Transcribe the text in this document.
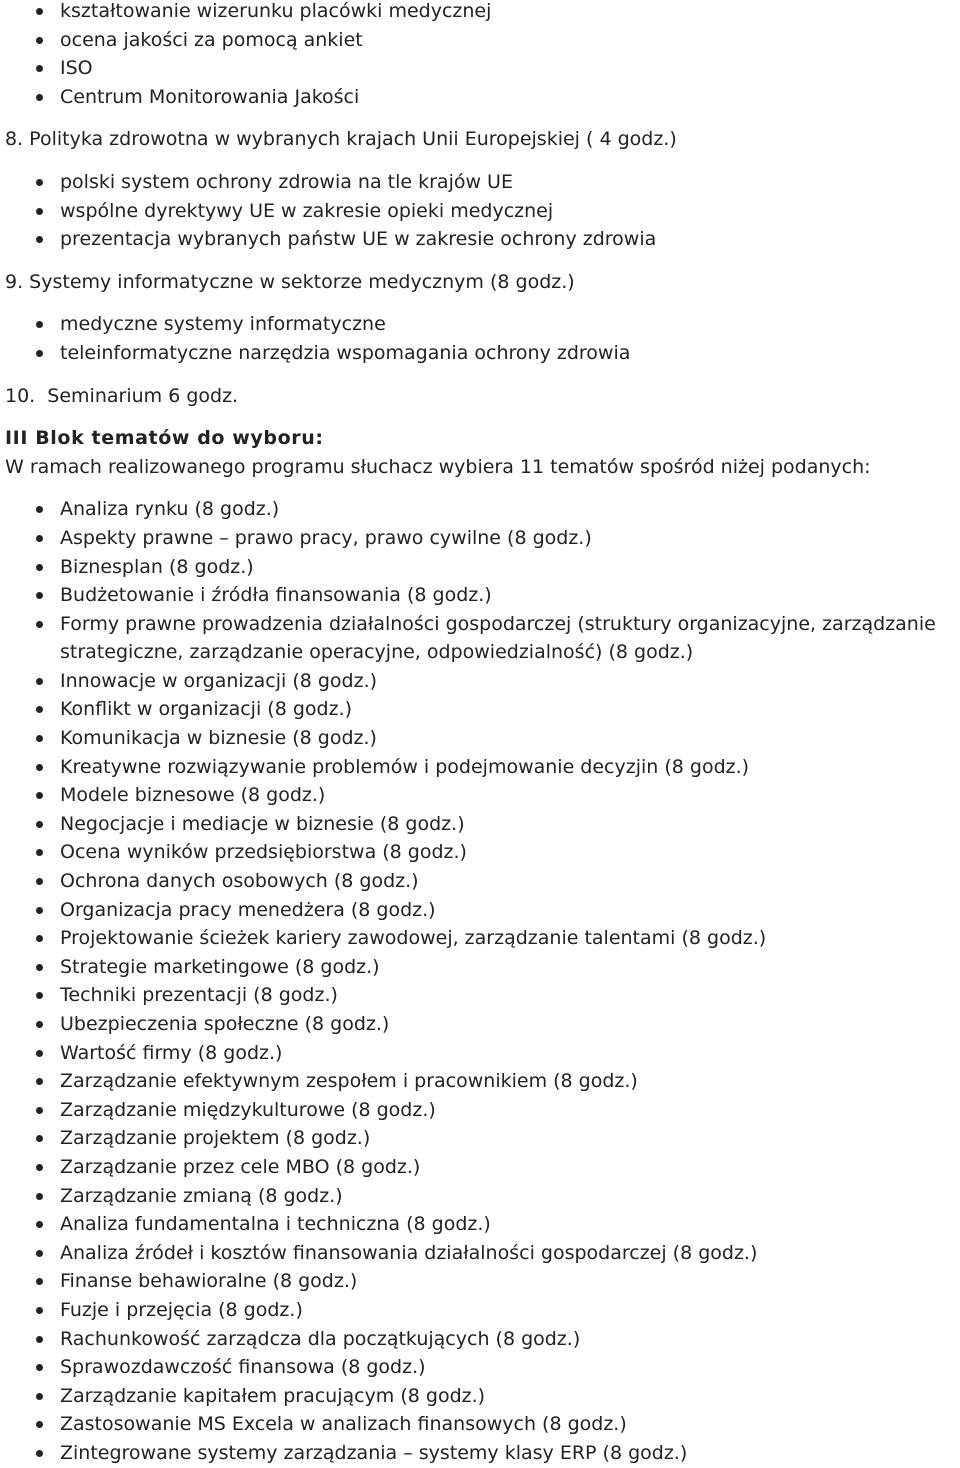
kształtowanie wizerunku placówki medycznej
ocena jakości za pomocą ankiet
ISO
Centrum Monitorowania Jakości
8. Polityka zdrowotna w wybranych krajach Unii Europejskiej ( 4 godz.)
polski system ochrony zdrowia na tle krajów UE
wspólne dyrektywy UE w zakresie opieki medycznej
prezentacja wybranych państw UE w zakresie ochrony zdrowia
9. Systemy informatyczne w sektorze medycznym (8 godz.)
medyczne systemy informatyczne
teleinformatyczne narzędzia wspomagania ochrony zdrowia
10.  Seminarium 6 godz.
III Blok tematów do wyboru:
W ramach realizowanego programu słuchacz wybiera 11 tematów spośród niżej podanych:
Analiza rynku (8 godz.)
Aspekty prawne – prawo pracy, prawo cywilne (8 godz.)
Biznesplan (8 godz.)
Budżetowanie i źródła finansowania (8 godz.)
Formy prawne prowadzenia działalności gospodarczej (struktury organizacyjne, zarządzanie strategiczne, zarządzanie operacyjne, odpowiedzialność) (8 godz.)
Innowacje w organizacji (8 godz.)
Konflikt w organizacji (8 godz.)
Komunikacja w biznesie (8 godz.)
Kreatywne rozwiązywanie problemów i podejmowanie decyzjin (8 godz.)
Modele biznesowe (8 godz.)
Negocjacje i mediacje w biznesie (8 godz.)
Ocena wyników przedsiębiorstwa (8 godz.)
Ochrona danych osobowych (8 godz.)
Organizacja pracy menedżera (8 godz.)
Projektowanie ścieżek kariery zawodowej, zarządzanie talentami (8 godz.)
Strategie marketingowe (8 godz.)
Techniki prezentacji (8 godz.)
Ubezpieczenia społeczne (8 godz.)
Wartość firmy (8 godz.)
Zarządzanie efektywnym zespołem i pracownikiem (8 godz.)
Zarządzanie międzykulturowe (8 godz.)
Zarządzanie projektem (8 godz.)
Zarządzanie przez cele MBO (8 godz.)
Zarządzanie zmianą (8 godz.)
Analiza fundamentalna i techniczna (8 godz.)
Analiza źródeł i kosztów finansowania działalności gospodarczej (8 godz.)
Finanse behawioralne (8 godz.)
Fuzje i przejęcia (8 godz.)
Rachunkowość zarządcza dla początkujących (8 godz.)
Sprawozdawczość finansowa (8 godz.)
Zarządzanie kapitałem pracującym (8 godz.)
Zastosowanie MS Excela w analizach finansowych (8 godz.)
Zintegrowane systemy zarządzania – systemy klasy ERP (8 godz.)
